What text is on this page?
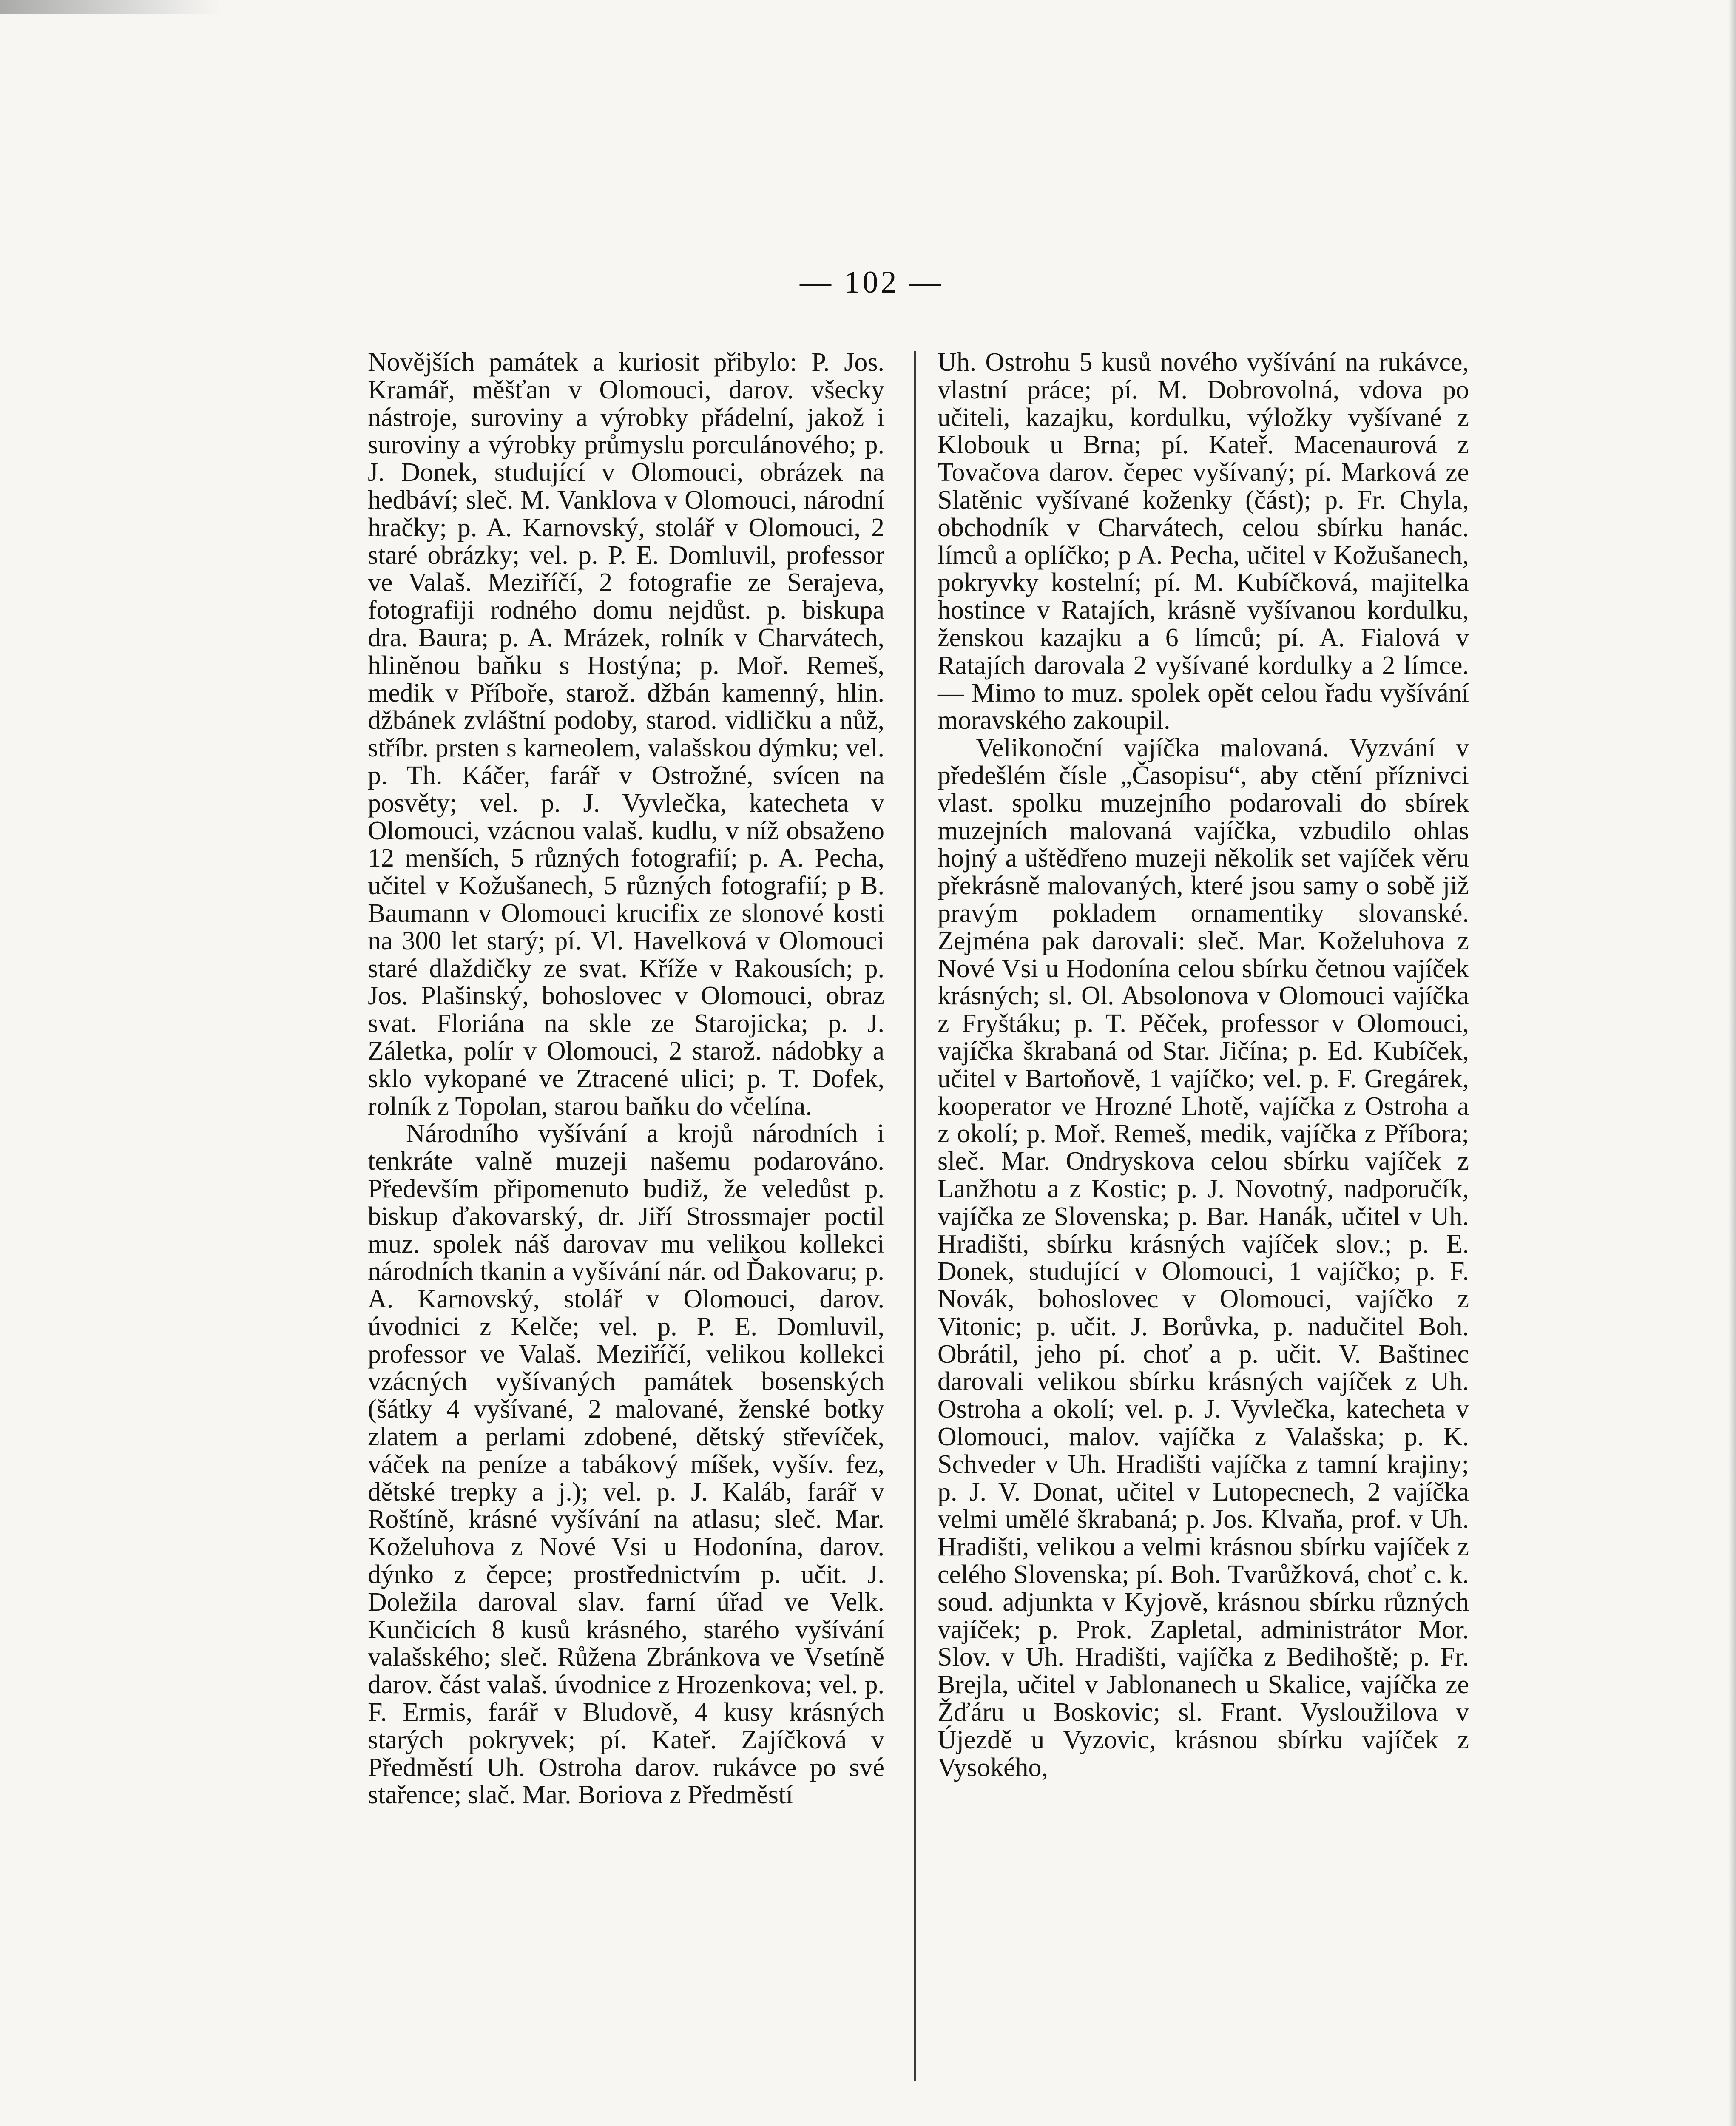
— 102 —

Novějších památek a kuriosit přibylo: P. Jos. Kramář, měšťan v Olomouci, darov. všecky nástroje, suroviny a výrobky přádelní, jakož i suroviny a výrobky průmyslu porculánového; p. J. Donek, studující v Olomouci, obrázek na hedbáví; sleč. M. Vanklova v Olomouci, národní hračky; p. A. Karnovský, stolář v Olomouci, 2 staré obrázky; vel. p. P. E. Domluvil, professor ve Valaš. Meziříčí, 2 fotografie ze Serajeva, fotografiji rodného domu nejdůst. p. biskupa dra. Baura; p. A. Mrázek, rolník v Charvátech, hliněnou baňku s Hostýna; p. Moř. Remeš, medik v Příboře, starož. džbán kamenný, hlin. džbánek zvláštní podoby, starod. vidličku a nůž, stříbr. prsten s karneolem, valašskou dýmku; vel. p. Th. Káčer, farář v Ostrožné, svícen na posvěty; vel. p. J. Vyvlečka, katecheta v Olomouci, vzácnou valaš. kudlu, v níž obsaženo 12 menších, 5 různých fotografií; p. A. Pecha, učitel v Kožušanech, 5 různých fotografií; p B. Baumann v Olomouci krucifix ze slonové kosti na 300 let starý; pí. Vl. Havelková v Olomouci staré dlaždičky ze svat. Kříže v Rakousích; p. Jos. Plašinský, bohoslovec v Olomouci, obraz svat. Floriána na skle ze Starojicka; p. J. Záletka, polír v Olomouci, 2 starož. nádobky a sklo vykopané ve Ztracené ulici; p. T. Dofek, rolník z Topolan, starou baňku do včelína.

Národního vyšívání a krojů národních i tenkráte valně muzeji našemu podarováno. Především připomenuto budiž, že veledůst p. biskup ďakovarský, dr. Jiří Strossmajer poctil muz. spolek náš darovav mu velikou kollekci národních tkanin a vyšívání nár. od Ďakovaru; p. A. Karnovský, stolář v Olomouci, darov. úvodnici z Kelče; vel. p. P. E. Domluvil, professor ve Valaš. Meziříčí, velikou kollekci vzácných vyšívaných památek bosenských (šátky 4 vyšívané, 2 malované, ženské botky zlatem a perlami zdobené, dětský střevíček, váček na peníze a tabákový míšek, vyšív. fez, dětské trepky a j.); vel. p. J. Kaláb, farář v Roštíně, krásné vyšívání na atlasu; sleč. Mar. Koželuhova z Nové Vsi u Hodonína, darov. dýnko z čepce; prostřednictvím p. učit. J. Doležila daroval slav. farní úřad ve Velk. Kunčicích 8 kusů krásného, starého vyšívání valašského; sleč. Růžena Zbránkova ve Vsetíně darov. část valaš. úvodnice z Hrozenkova; vel. p. F. Ermis, farář v Bludově, 4 kusy krásných starých pokryvek; pí. Kateř. Zajíčková v Předměstí Uh. Ostroha darov. rukávce po své stařence; slač. Mar. Boriova z Předměstí

Uh. Ostrohu 5 kusů nového vyšívání na rukávce, vlastní práce; pí. M. Dobrovolná, vdova po učiteli, kazajku, kordulku, výložky vyšívané z Klobouk u Brna; pí. Kateř. Macenaurová z Tovačova darov. čepec vyšívaný; pí. Marková ze Slatěnic vyšívané koženky (část); p. Fr. Chyla, obchodník v Charvátech, celou sbírku hanác. límců a oplíčko; p A. Pecha, učitel v Kožušanech, pokryvky kostelní; pí. M. Kubíčková, majitelka hostince v Ratajích, krásně vyšívanou kordulku, ženskou kazajku a 6 límců; pí. A. Fialová v Ratajích darovala 2 vyšívané kordulky a 2 límce. — Mimo to muz. spolek opět celou řadu vyšívání moravského zakoupil.

Velikonoční vajíčka malovaná. Vyzvání v předešlém čísle „Časopisu“, aby ctění příznivci vlast. spolku muzejního podarovali do sbírek muzejních malovaná vajíčka, vzbudilo ohlas hojný a uštědřeno muzeji několik set vajíček věru překrásně malovaných, které jsou samy o sobě již pravým pokladem ornamentiky slovanské. Zejména pak darovali: slеč. Mar. Koželuhova z Nové Vsi u Hodonína celou sbírku četnou vajíček krásných; sl. Ol. Absolonova v Olomouci vajíčka z Fryštáku; p. T. Pěček, professor v Olomouci, vajíčka škrabaná od Star. Jičína; p. Ed. Kubíček, učitel v Bartoňově, 1 vajíčko; vel. p. F. Gregárek, kooperator ve Hrozné Lhotě, vajíčka z Ostroha a z okolí; p. Moř. Remeš, medik, vajíčka z Příbora; slеč. Mar. Ondryskova celou sbírku vajíček z Lanžhotu a z Kostic; p. J. Novotný, nadporučík, vajíčka ze Slovenska; p. Bar. Hanák, učitel v Uh. Hradišti, sbírku krásných vajíček slov.; p. E. Donek, studující v Olomouci, 1 vajíčko; p. F. Novák, bohoslovec v Olomouci, vajíčko z Vitonic; p. učit. J. Borůvka, p. nadučitel Boh. Obrátil, jeho pí. choť a p. učit. V. Baštinec darovali velikou sbírku krásných vajíček z Uh. Ostroha a okolí; vel. p. J. Vyvlečka, katecheta v Olomouci, malov. vajíčka z Valašska; p. K. Schveder v Uh. Hradišti vajíčka z tamní krajiny; p. J. V. Donat, učitel v Lutopecnech, 2 vajíčka velmi umělé škrabaná; p. Jos. Klvaňa, prof. v Uh. Hradišti, velikou a velmi krásnou sbírku vajíček z celého Slovenska; pí. Boh. Tvarůžková, choť c. k. soud. adjunkta v Kyjově, krásnou sbírku různých vajíček; p. Prok. Zapletal, administrátor Mor. Slov. v Uh. Hradišti, vajíčka z Bedihoště; p. Fr. Brejla, učitel v Jablonanech u Skalice, vajíčka ze Žďáru u Boskovic; sl. Frant. Vysloužilova v Újezdě u Vyzovic, krásnou sbírku vajíček z Vysokého,
